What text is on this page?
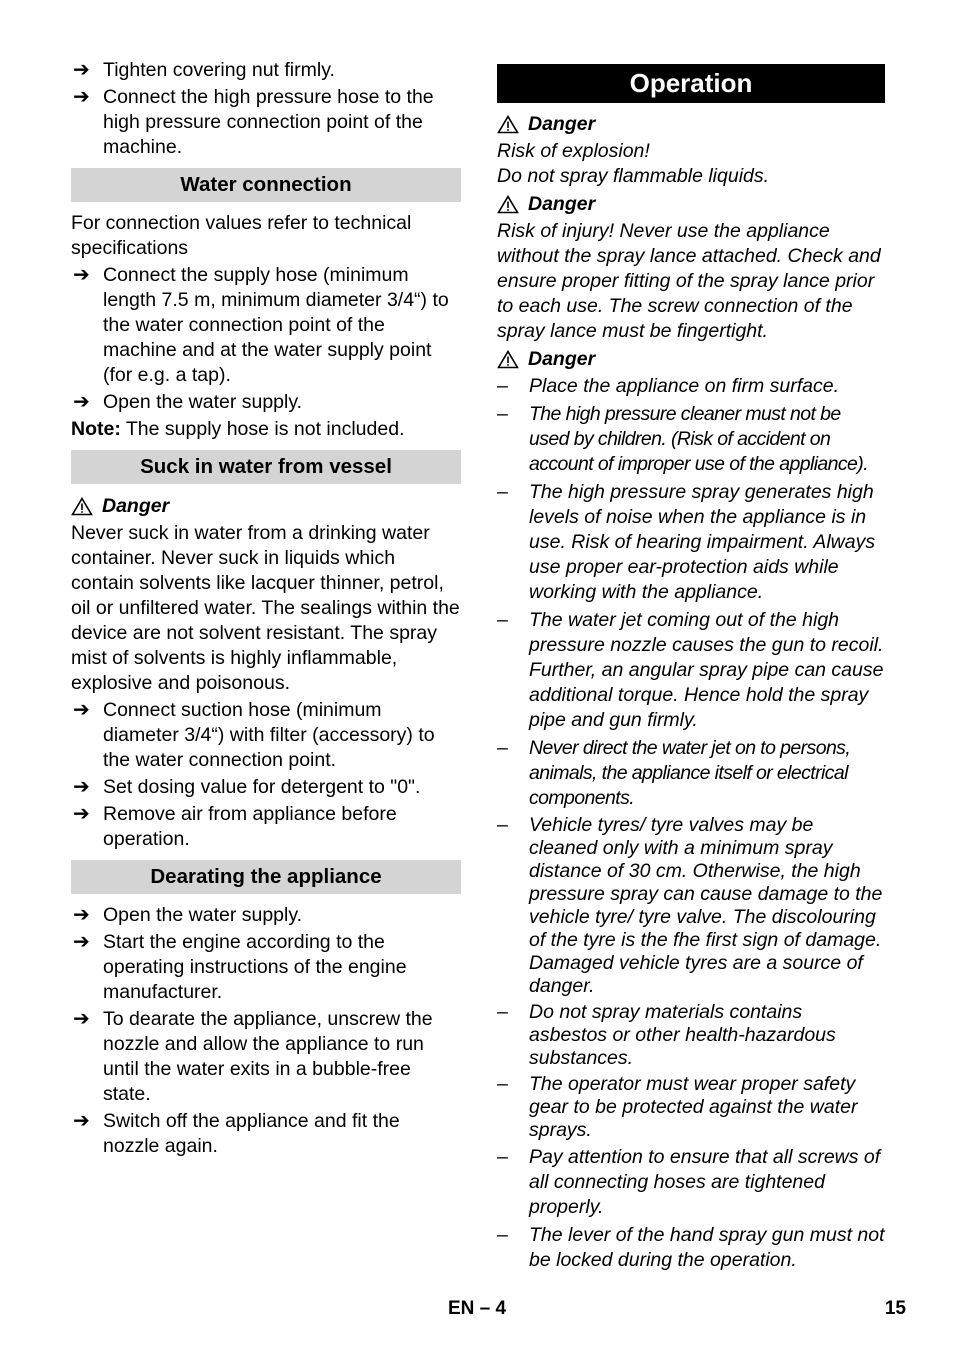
➔ Tighten covering nut firmly.
➔ Connect the high pressure hose to the high pressure connection point of the machine.
Water connection
For connection values refer to technical specifications
➔ Connect the supply hose (minimum length 7.5 m, minimum diameter 3/4“) to the water connection point of the machine and at the water supply point (for e.g. a tap).
➔ Open the water supply.
Note: The supply hose is not included.
Suck in water from vessel
Danger
Never suck in water from a drinking water container. Never suck in liquids which contain solvents like lacquer thinner, petrol, oil or unfiltered water. The sealings within the device are not solvent resistant. The spray mist of solvents is highly inflammable, explosive and poisonous.
➔ Connect suction hose (minimum diameter 3/4“) with filter (accessory) to the water connection point.
➔ Set dosing value for detergent to "0".
➔ Remove air from appliance before operation.
Dearating the appliance
➔ Open the water supply.
➔ Start the engine according to the operating instructions of the engine manufacturer.
➔ To dearate the appliance, unscrew the nozzle and allow the appliance to run until the water exits in a bubble-free state.
➔ Switch off the appliance and fit the nozzle again.
Operation
Danger
Risk of explosion!
Do not spray flammable liquids.
Danger
Risk of injury! Never use the appliance without the spray lance attached. Check and ensure proper fitting of the spray lance prior to each use. The screw connection of the spray lance must be fingertight.
Danger
– Place the appliance on firm surface.
– The high pressure cleaner must not be used by children. (Risk of accident on account of improper use of the appliance).
– The high pressure spray generates high levels of noise when the appliance is in use. Risk of hearing impairment. Always use proper ear-protection aids while working with the appliance.
– The water jet coming out of the high pressure nozzle causes the gun to recoil. Further, an angular spray pipe can cause additional torque. Hence hold the spray pipe and gun firmly.
– Never direct the water jet on to persons, animals, the appliance itself or electrical components.
– Vehicle tyres/ tyre valves may be cleaned only with a minimum spray distance of 30 cm. Otherwise, the high pressure spray can cause damage to the vehicle tyre/ tyre valve. The discolouring of the tyre is the fhe first sign of damage. Damaged vehicle tyres are a source of danger.
– Do not spray materials contains asbestos or other health-hazardous substances.
– The operator must wear proper safety gear to be protected against the water sprays.
– Pay attention to ensure that all screws of all connecting hoses are tightened properly.
– The lever of the hand spray gun must not be locked during the operation.
EN – 4	15
